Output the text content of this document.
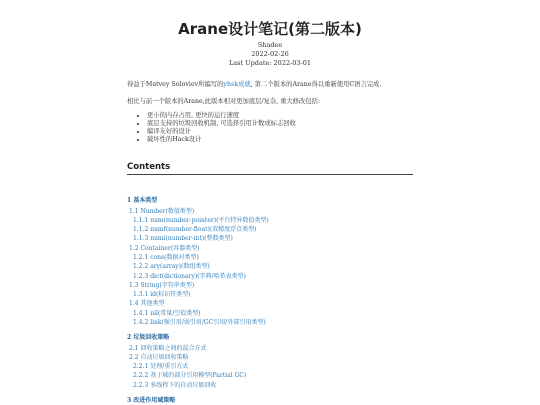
Arane设计笔记(第二版本)
Shadee
2022-02-26
Last Update: 2022-03-01
得益于Matvey Soloviev所编写的yhsk成就, 第二个版本的Arane得以重新使用C语言完成.
相比与前一个版本的Arane,此版本相对更加底层/复杂, 重大修改包括:
• 更小的内存占用, 更快的运行速度
• 底层支持的垃圾回收机制, 可选择引用计数或标志回收
• 编译友好的设计
• 破坏性的Hack设计
Contents
1 基本类型
1.1 Number(数值类型)
1.1.1 num(number-pointer)(平台特异数值类型)
1.1.2 numf(number-float)(双精度浮点类型)
1.1.3 numi(number-int)(整数类型)
1.2 Container(容器类型)
1.2.1 cons(数据对类型)
1.2.2 ary(array)(数组类型)
1.2.3 dict(dictionary)(字典/哈希表类型)
1.3 String(字符串类型)
1.3.1 id(标识符类型)
1.4 其他类型
1.4.1 nil(常量/空值类型)
1.4.2 link(强引用/弱引用/GC引用/外部引用类型)
2 垃圾回收策略
2.1 回收策略之间的混合方式
2.2 自动垃圾回收策略
2.2.1 处理/重引方式
2.2.2 基于域的部分引用模型(Partial GC)
2.2.3 多线程下的自动垃圾回收
3 改进作用域策略
